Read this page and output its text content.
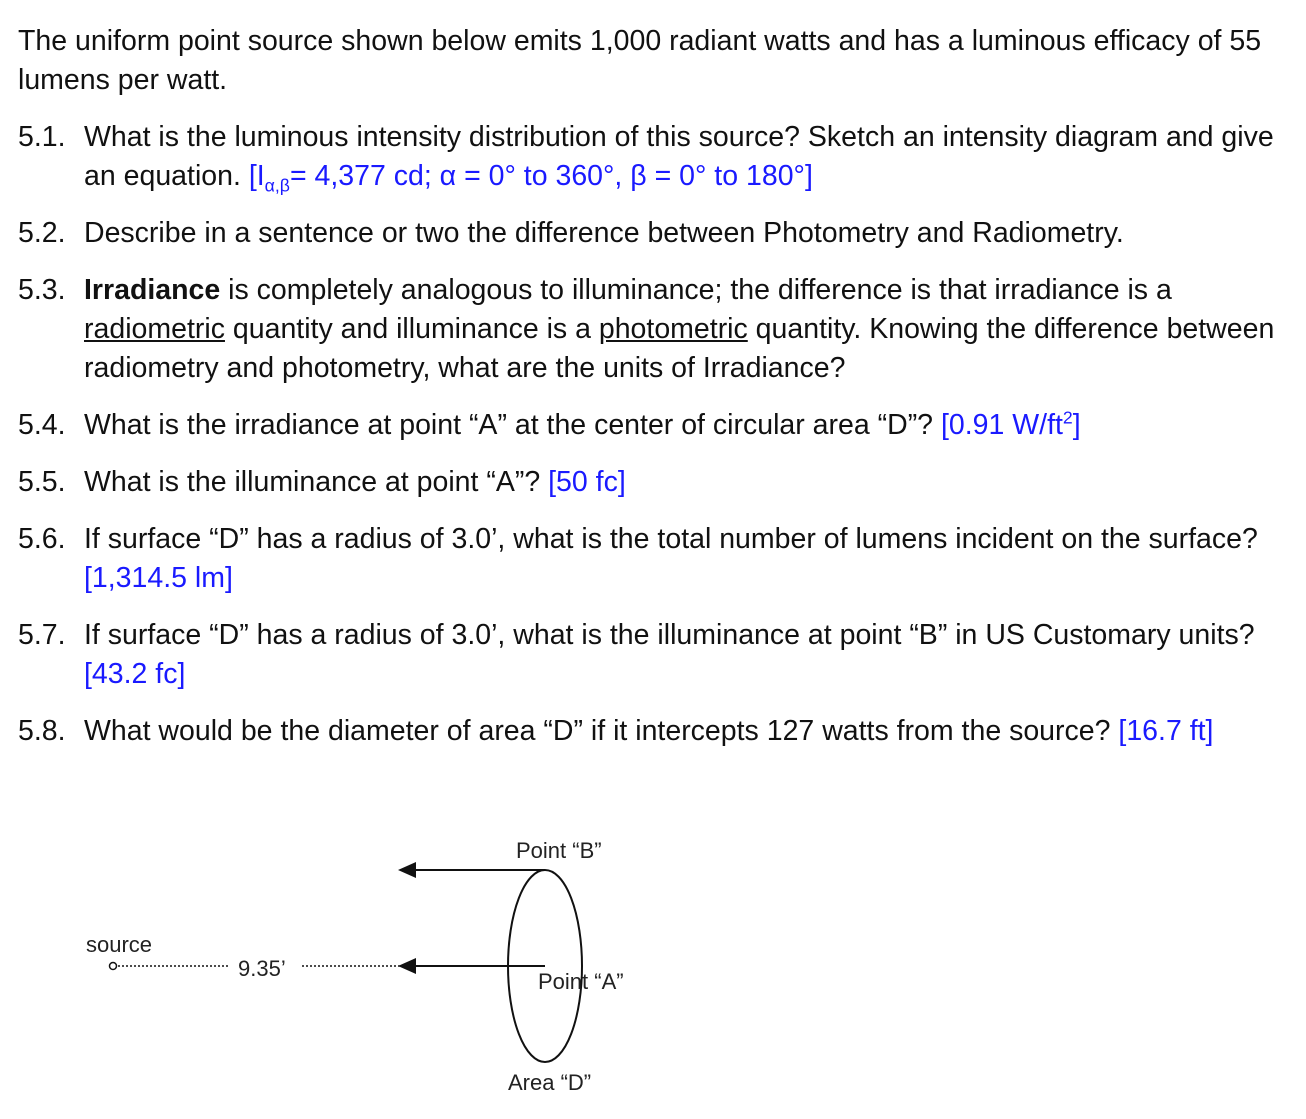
The uniform point source shown below emits 1,000 radiant watts and has a luminous efficacy of 55 lumens per watt.

5.1. What is the luminous intensity distribution of this source? Sketch an intensity diagram and give an equation. [$I_{\alpha,\beta}= 4,377$ cd; α = 0° to 360°, β = 0° to 180°]
5.2. Describe in a sentence or two the difference between Photometry and Radiometry.
5.3. Irradiance is completely analogous to illuminance; the difference is that irradiance is a radiometric quantity and illuminance is a photometric quantity. Knowing the difference between radiometry and photometry, what are the units of Irradiance?
5.4. What is the irradiance at point “A” at the center of circular area “D”? [0.91 $W/ft^2$]
5.5. What is the illuminance at point “A”? [50 fc]
5.6. If surface “D” has a radius of 3.0’, what is the total number of lumens incident on the surface? [1,314.5 lm]
5.7. If surface “D” has a radius of 3.0’, what is the illuminance at point “B” in US Customary units? [43.2 fc]
5.8. What would be the diameter of area “D” if it intercepts 127 watts from the source? [16.7 ft]
Point “B”
Point “A”
source
9.35’
Area “D”
